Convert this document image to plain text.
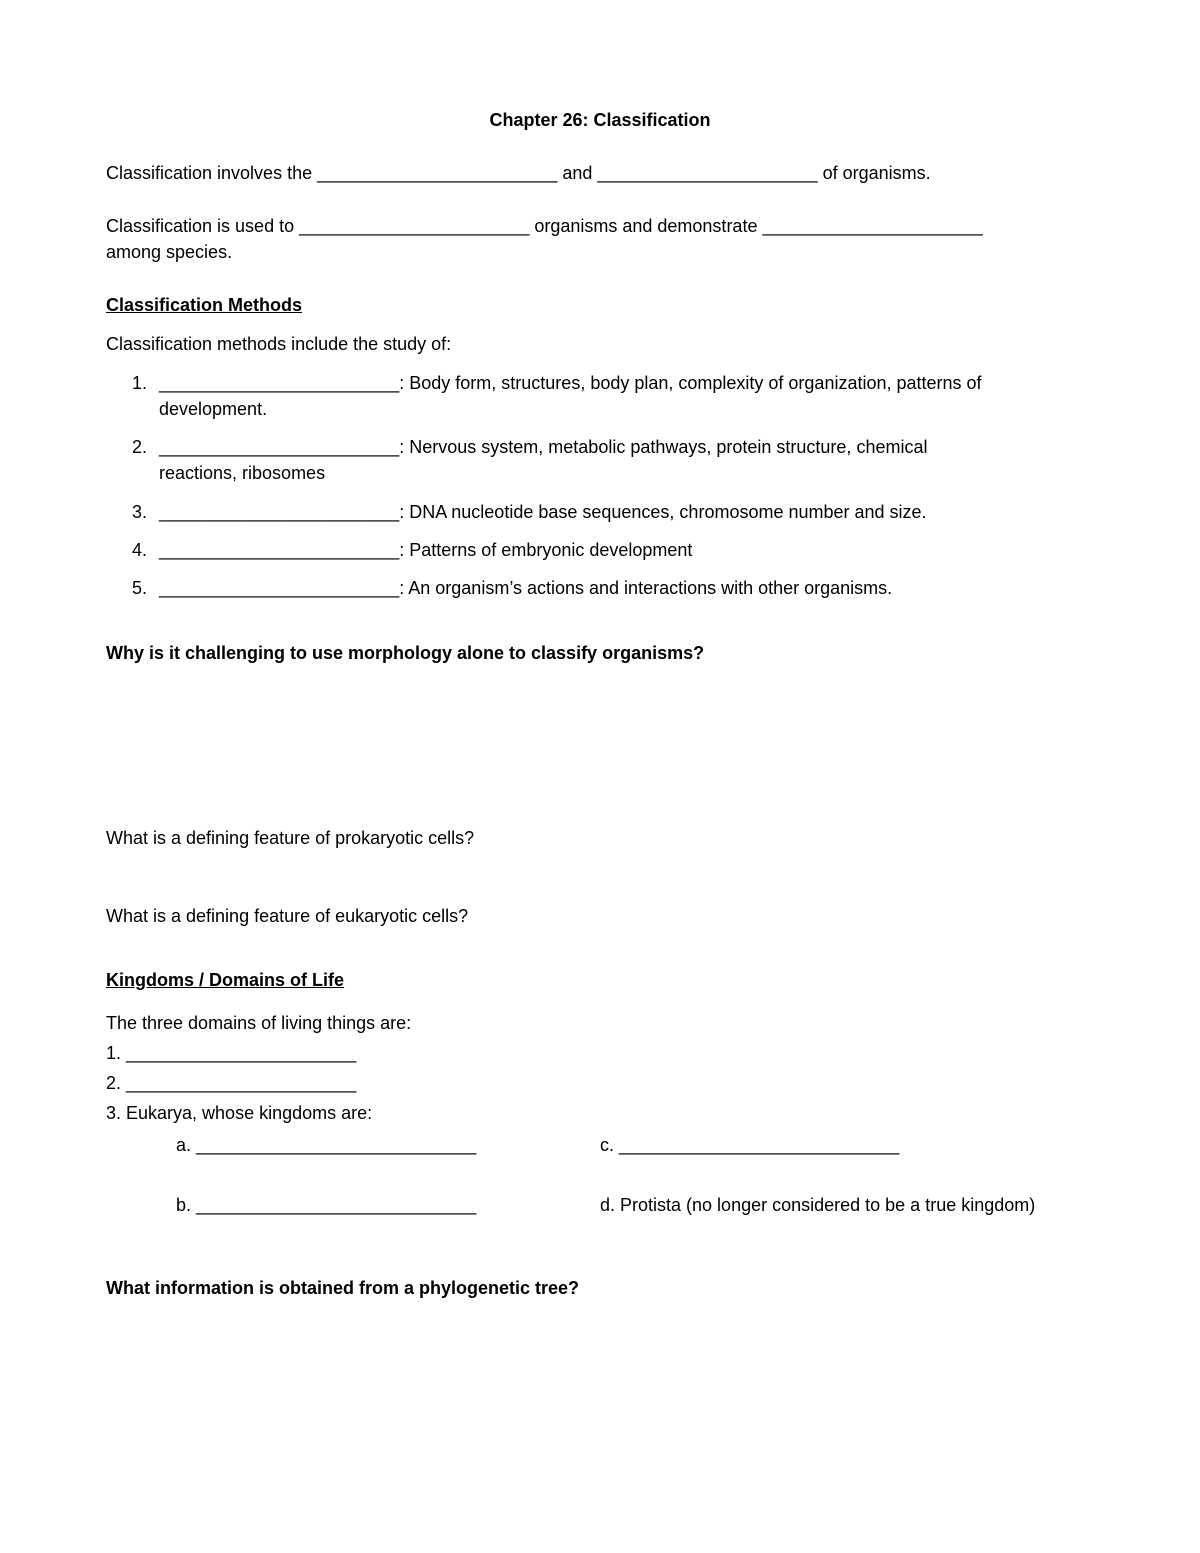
Chapter 26: Classification
Classification involves the ________________________ and ______________________ of organisms.
Classification is used to _______________________ organisms and demonstrate ______________________
among species.
Classification Methods
Classification methods include the study of:
1. ________________________: Body form, structures, body plan, complexity of organization, patterns of
development.
2. ________________________: Nervous system, metabolic pathways, protein structure, chemical
reactions, ribosomes
3. ________________________: DNA nucleotide base sequences, chromosome number and size.
4. ________________________: Patterns of embryonic development
5. ________________________: An organism’s actions and interactions with other organisms.
Why is it challenging to use morphology alone to classify organisms?
What is a defining feature of prokaryotic cells?
What is a defining feature of eukaryotic cells?
Kingdoms / Domains of Life
The three domains of living things are:
1. _______________________
2. _______________________
3. Eukarya, whose kingdoms are:
a. ____________________________	c. ____________________________
b. ____________________________	d. Protista (no longer considered to be a true kingdom)
What information is obtained from a phylogenetic tree?
